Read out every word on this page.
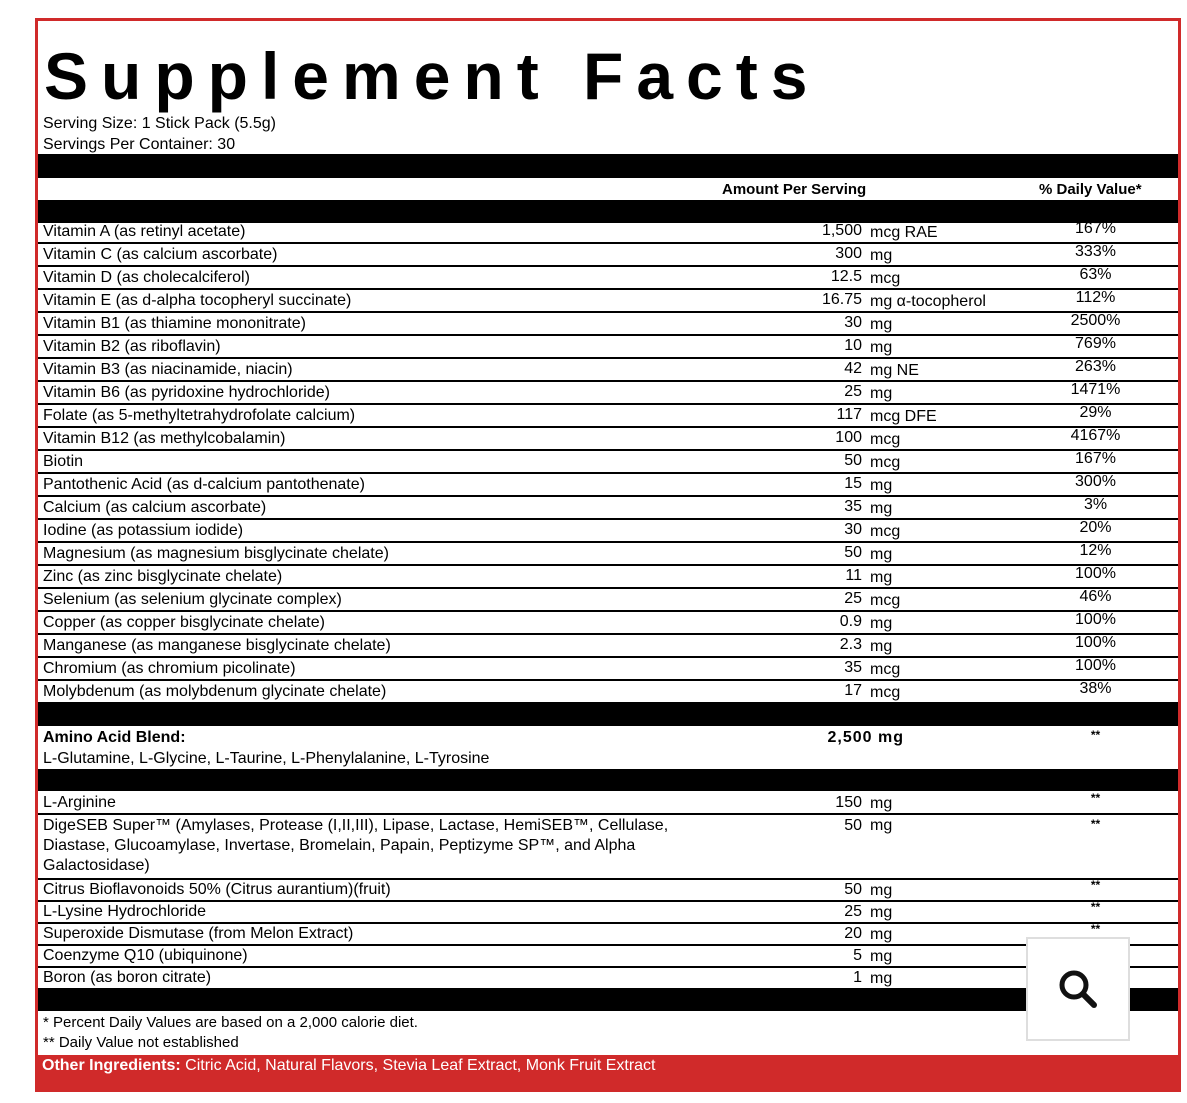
Supplement Facts
Serving Size: 1 Stick Pack (5.5g)
Servings Per Container: 30
Amount Per Serving	% Daily Value*
Vitamin A (as retinyl acetate)	1,500 mcg RAE	167%
Vitamin C (as calcium ascorbate)	300 mg	333%
Vitamin D (as cholecalciferol)	12.5 mcg	63%
Vitamin E (as d-alpha tocopheryl succinate)	16.75 mg α-tocopherol	112%
Vitamin B1 (as thiamine mononitrate)	30 mg	2500%
Vitamin B2 (as riboflavin)	10 mg	769%
Vitamin B3 (as niacinamide, niacin)	42 mg NE	263%
Vitamin B6 (as pyridoxine hydrochloride)	25 mg	1471%
Folate (as 5-methyltetrahydrofolate calcium)	117 mcg DFE	29%
Vitamin B12 (as methylcobalamin)	100 mcg	4167%
Biotin	50 mcg	167%
Pantothenic Acid (as d-calcium pantothenate)	15 mg	300%
Calcium (as calcium ascorbate)	35 mg	3%
Iodine (as potassium iodide)	30 mcg	20%
Magnesium (as magnesium bisglycinate chelate)	50 mg	12%
Zinc (as zinc bisglycinate chelate)	11 mg	100%
Selenium (as selenium glycinate complex)	25 mcg	46%
Copper (as copper bisglycinate chelate)	0.9 mg	100%
Manganese (as manganese bisglycinate chelate)	2.3 mg	100%
Chromium (as chromium picolinate)	35 mcg	100%
Molybdenum (as molybdenum glycinate chelate)	17 mcg	38%
Amino Acid Blend:	2,500 mg	**
L-Glutamine, L-Glycine, L-Taurine, L-Phenylalanine, L-Tyrosine
L-Arginine	150 mg	**
DigeSEB Super™ (Amylases, Protease (I,II,III), Lipase, Lactase, HemiSEB™, Cellulase,
Diastase, Glucoamylase, Invertase, Bromelain, Papain, Peptizyme SP™, and Alpha
Galactosidase)
50 mg	**
Citrus Bioflavonoids 50% (Citrus aurantium)(fruit)	50 mg	**
L-Lysine Hydrochloride	25 mg	**
Superoxide Dismutase (from Melon Extract)	20 mg	**
Coenzyme Q10 (ubiquinone)	5 mg
Boron (as boron citrate)	1 mg
* Percent Daily Values are based on a 2,000 calorie diet.
** Daily Value not established
Other Ingredients: Citric Acid, Natural Flavors, Stevia Leaf Extract, Monk Fruit Extract
